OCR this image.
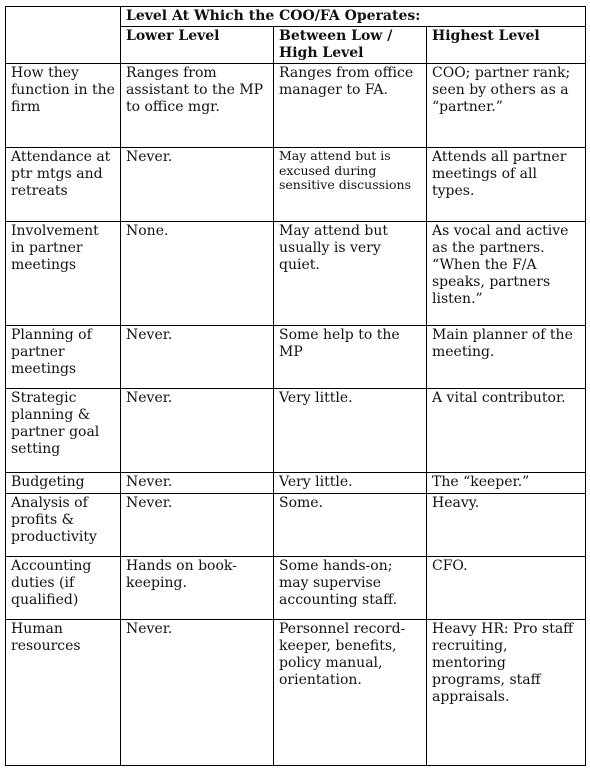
	Level At Which the COO/FA Operates:		
	Lower Level	Between Low / High Level	Highest Level
How they function in the firm	Ranges from assistant to the MP to office mgr.	Ranges from office manager to FA.	COO; partner rank; seen by others as a “partner.”
Attendance at ptr mtgs and retreats	Never.	May attend but is excused during sensitive discussions	Attends all partner meetings of all types.
Involvement in partner meetings	None.	May attend but usually is very quiet.	As vocal and active as the partners. “When the F/A speaks, partners listen.”
Planning of partner meetings	Never.	Some help to the MP	Main planner of the meeting.
Strategic planning & partner goal setting	Never.	Very little.	A vital contributor.
Budgeting	Never.	Very little.	The “keeper.”
Analysis of profits & productivity	Never.	Some.	Heavy.
Accounting duties (if qualified)	Hands on book-keeping.	Some hands-on; may supervise accounting staff.	CFO.
Human resources	Never.	Personnel record-keeper, benefits, policy manual, orientation.	Heavy HR: Pro staff recruiting, mentoring programs, staff appraisals.
